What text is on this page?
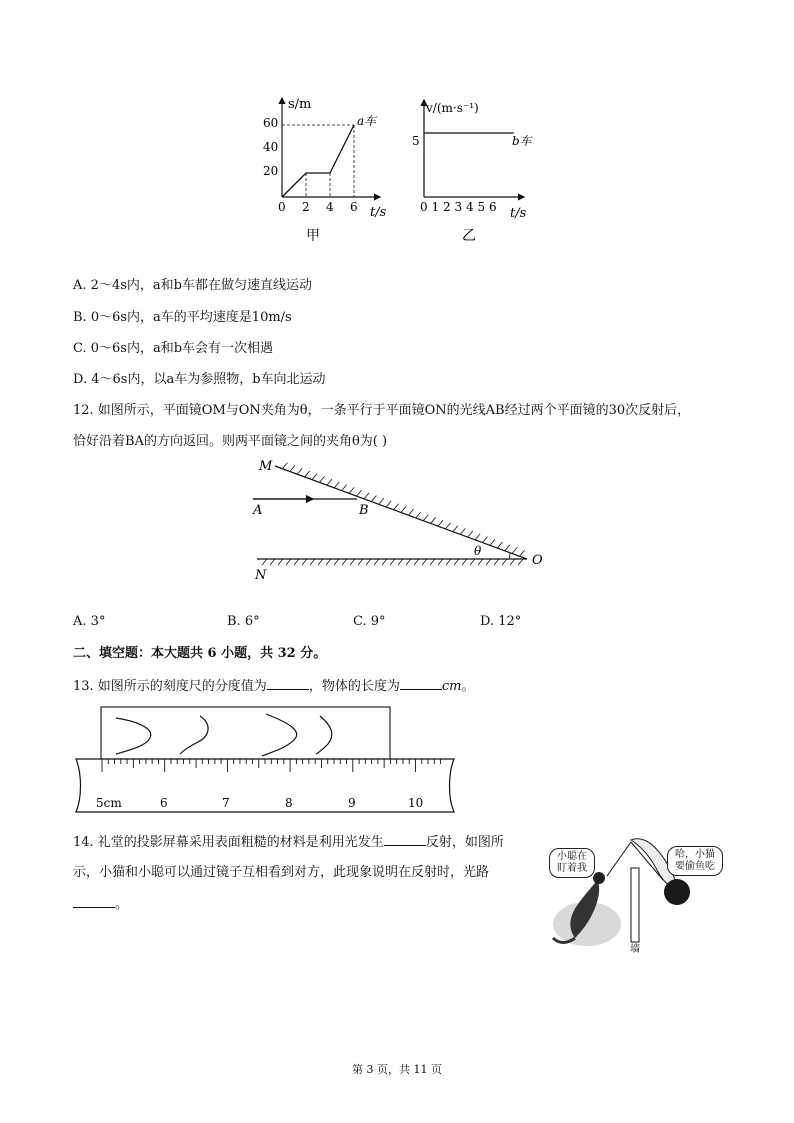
s/m
t/s
60
40
20
0 2 4 6
a车
甲
v/(m·s⁻¹)
t/s
5
0 1 2 3 4 5 6
b车
乙
A. 2～4s内，a和b车都在做匀速直线运动
B. 0～6s内，a车的平均速度是10m/s
C. 0～6s内，a和b车会有一次相遇
D. 4～6s内，以a车为参照物，b车向北运动
12. 如图所示，平面镜OM与ON夹角为θ，一条平行于平面镜ON的光线AB经过两个平面镜的30次反射后，
恰好沿着BA的方向返回。则两平面镜之间的夹角θ为( )
M
A	B
θ
O
N
A. 3°	B. 6°	C. 9°	D. 12°
二、填空题：本大题共 6 小题，共 32 分。
13. 如图所示的刻度尺的分度值为	，物体的长度为	cm。
5cm	6	7	8	9	10
14. 礼堂的投影屏幕采用表面粗糙的材料是利用光发生	反射，如图所
示，小猫和小聪可以通过镜子互相看到对方，此现象说明在反射时，光路
。
小聪在盯着我
哈，小猫要偷鱼吃
墙
第 3 页，共 11 页
